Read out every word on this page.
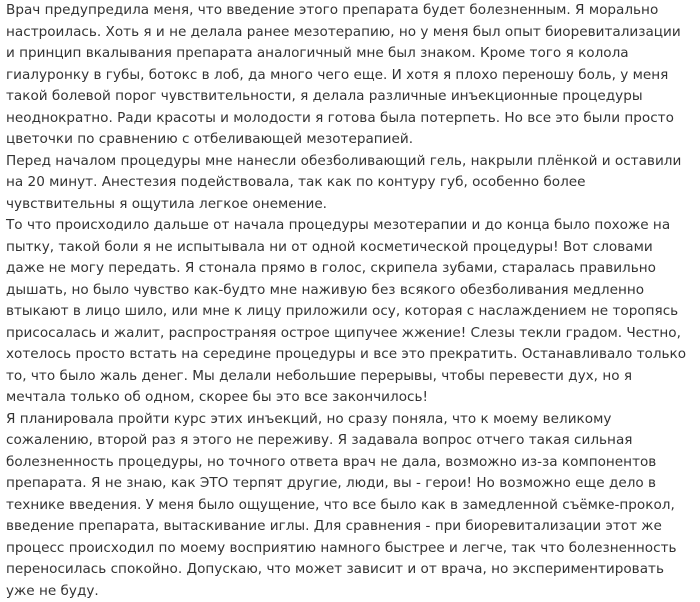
Врач предупредила меня, что введение этого препарата будет болезненным. Я морально
настроилась. Хоть я и не делала ранее мезотерапию, но у меня был опыт биоревитализации
и принцип вкалывания препарата аналогичный мне был знаком. Кроме того я колола
гиалуронку в губы, ботокс в лоб, да много чего еще. И хотя я плохо переношу боль, у меня
такой болевой порог чувствительности, я делала различные инъекционные процедуры
неоднократно. Ради красоты и молодости я готова была потерпеть. Но все это были просто
цветочки по сравнению с отбеливающей мезотерапией.
Перед началом процедуры мне нанесли обезболивающий гель, накрыли плёнкой и оставили
на 20 минут. Анестезия подействовала, так как по контуру губ, особенно более
чувствительны я ощутила легкое онемение.
То что происходило дальше от начала процедуры мезотерапии и до конца было похоже на
пытку, такой боли я не испытывала ни от одной косметической процедуры! Вот словами
даже не могу передать. Я стонала прямо в голос, скрипела зубами, старалась правильно
дышать, но было чувство как-будто мне наживую без всякого обезболивания медленно
втыкают в лицо шило, или мне к лицу приложили осу, которая с наслаждением не торопясь
присосалась и жалит, распространяя острое щипучее жжение! Слезы текли градом. Честно,
хотелось просто встать на середине процедуры и все это прекратить. Останавливало только
то, что было жаль денег. Мы делали небольшие перерывы, чтобы перевести дух, но я
мечтала только об одном, скорее бы это все закончилось!
Я планировала пройти курс этих инъекций, но сразу поняла, что к моему великому
сожалению, второй раз я этого не переживу. Я задавала вопрос отчего такая сильная
болезненность процедуры, но точного ответа врач не дала, возможно из-за компонентов
препарата. Я не знаю, как ЭТО терпят другие, люди, вы - герои! Но возможно еще дело в
технике введения. У меня было ощущение, что все было как в замедленной съёмке-прокол,
введение препарата, вытаскивание иглы. Для сравнения - при биоревитализации этот же
процесс происходил по моему восприятию намного быстрее и легче, так что болезненность
переносилась спокойно. Допускаю, что может зависит и от врача, но экспериментировать
уже не буду.
